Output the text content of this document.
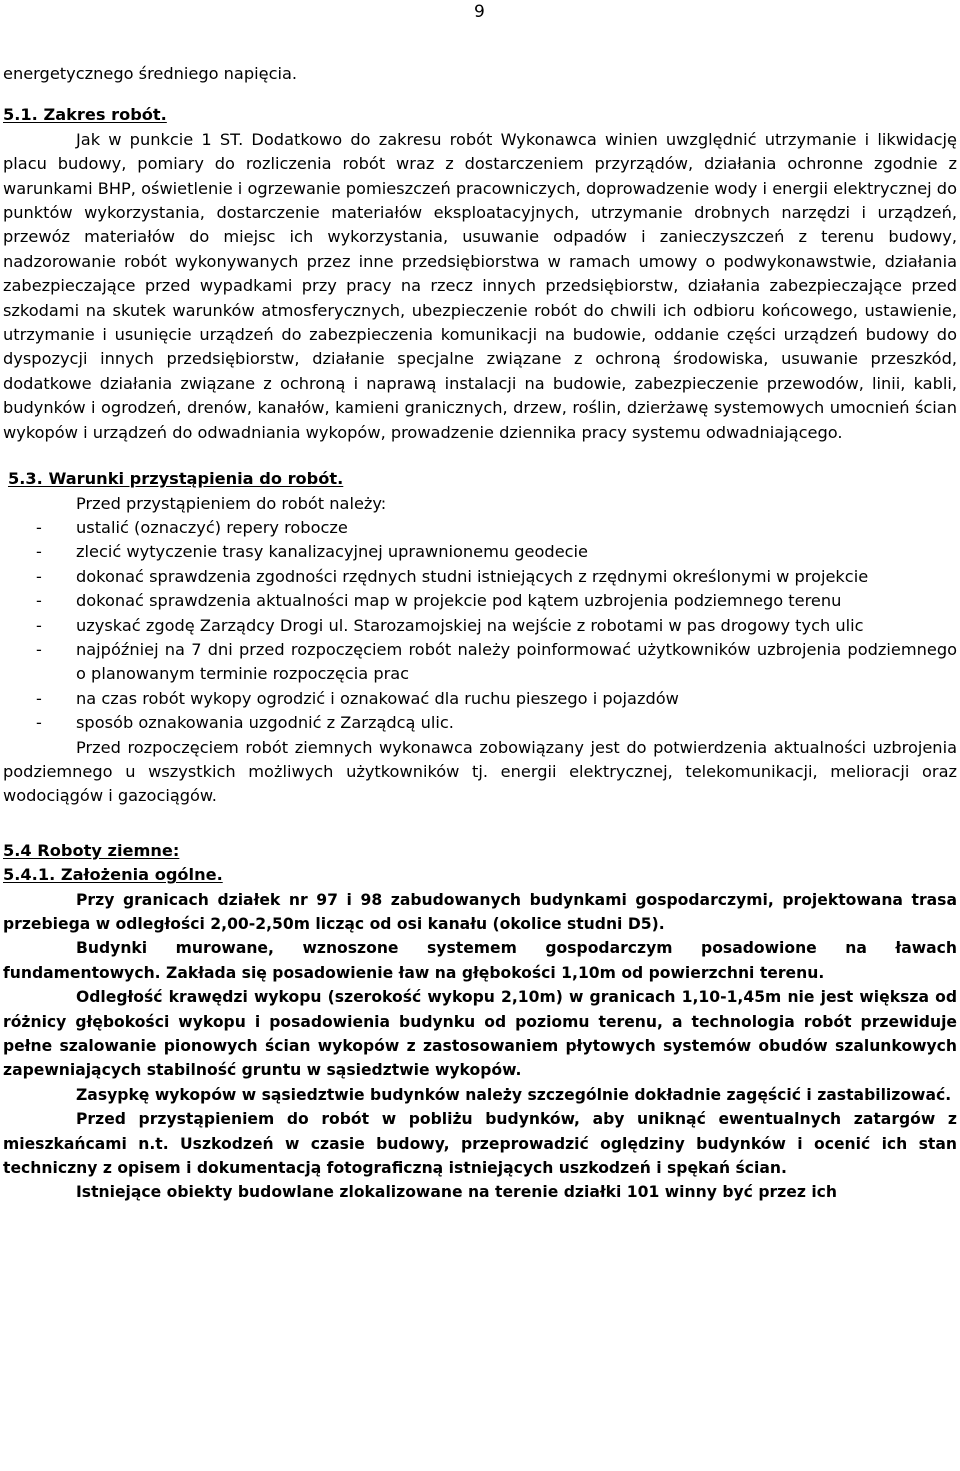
9

energetycznego średniego napięcia.

5.1. Zakres robót.

Jak w punkcie 1 ST. Dodatkowo do zakresu robót Wykonawca winien uwzględnić utrzymanie i likwidację placu budowy, pomiary do rozliczenia robót wraz z dostarczeniem przyrządów, działania ochronne zgodnie z warunkami BHP, oświetlenie i ogrzewanie pomieszczeń pracowniczych, doprowadzenie wody i energii elektrycznej do punktów wykorzystania, dostarczenie materiałów eksploatacyjnych, utrzymanie drobnych narzędzi i urządzeń, przewóz materiałów do miejsc ich wykorzystania, usuwanie odpadów i zanieczyszczeń z terenu budowy, nadzorowanie robót wykonywanych przez inne przedsiębiorstwa w ramach umowy o podwykonawstwie, działania zabezpieczające przed wypadkami przy pracy na rzecz innych przedsiębiorstw, działania zabezpieczające przed szkodami na skutek warunków atmosferycznych, ubezpieczenie robót do chwili ich odbioru końcowego, ustawienie, utrzymanie i usunięcie urządzeń do zabezpieczenia komunikacji na budowie, oddanie części urządzeń budowy do dyspozycji innych przedsiębiorstw, działanie specjalne związane z ochroną środowiska, usuwanie przeszkód, dodatkowe działania związane z ochroną i naprawą instalacji na budowie, zabezpieczenie przewodów, linii, kabli, budynków i ogrodzeń, drenów, kanałów, kamieni granicznych, drzew, roślin, dzierżawę systemowych umocnień ścian wykopów i urządzeń do odwadniania wykopów, prowadzenie dziennika pracy systemu odwadniającego.

5.3. Warunki przystąpienia do robót.

Przed przystąpieniem do robót należy:

- ustalić (oznaczyć) repery robocze
- zlecić wytyczenie trasy kanalizacyjnej uprawnionemu geodecie
- dokonać sprawdzenia zgodności rzędnych studni istniejących z rzędnymi określonymi w projekcie
- dokonać sprawdzenia aktualności map w projekcie pod kątem uzbrojenia podziemnego terenu
- uzyskać zgodę Zarządcy Drogi ul. Starozamojskiej na wejście z robotami w pas drogowy tych ulic
- najpóźniej na 7 dni przed rozpoczęciem robót należy poinformować użytkowników uzbrojenia podziemnego o planowanym terminie rozpoczęcia prac
- na czas robót wykopy ogrodzić i oznakować dla ruchu pieszego i pojazdów
- sposób oznakowania uzgodnić z Zarządcą ulic.

Przed rozpoczęciem robót ziemnych wykonawca zobowiązany jest do potwierdzenia aktualności uzbrojenia podziemnego u wszystkich możliwych użytkowników tj. energii elektrycznej, telekomunikacji, melioracji oraz wodociągów i gazociągów.

5.4 Roboty ziemne:

5.4.1. Założenia ogólne.

Przy granicach działek nr 97 i 98 zabudowanych budynkami gospodarczymi, projektowana trasa przebiega w odległości 2,00-2,50m licząc od osi kanału (okolice studni D5).

Budynki murowane, wznoszone systemem gospodarczym posadowione na ławach fundamentowych. Zakłada się posadowienie ław na głębokości 1,10m od powierzchni terenu.

Odległość krawędzi wykopu (szerokość wykopu 2,10m) w granicach 1,10-1,45m nie jest większa od różnicy głębokości wykopu i posadowienia budynku od poziomu terenu, a technologia robót przewiduje pełne szalowanie pionowych ścian wykopów z zastosowaniem płytowych systemów obudów szalunkowych zapewniających stabilność gruntu w sąsiedztwie wykopów.

Zasypkę wykopów w sąsiedztwie budynków należy szczególnie dokładnie zagęścić i zastabilizować.

Przed przystąpieniem do robót w pobliżu budynków, aby uniknąć ewentualnych zatargów z mieszkańcami n.t. Uszkodzeń w czasie budowy, przeprowadzić oględziny budynków i ocenić ich stan techniczny z opisem i dokumentacją fotograficzną istniejących uszkodzeń i spękań ścian.

Istniejące obiekty budowlane zlokalizowane na terenie działki 101 winny być przez ich
